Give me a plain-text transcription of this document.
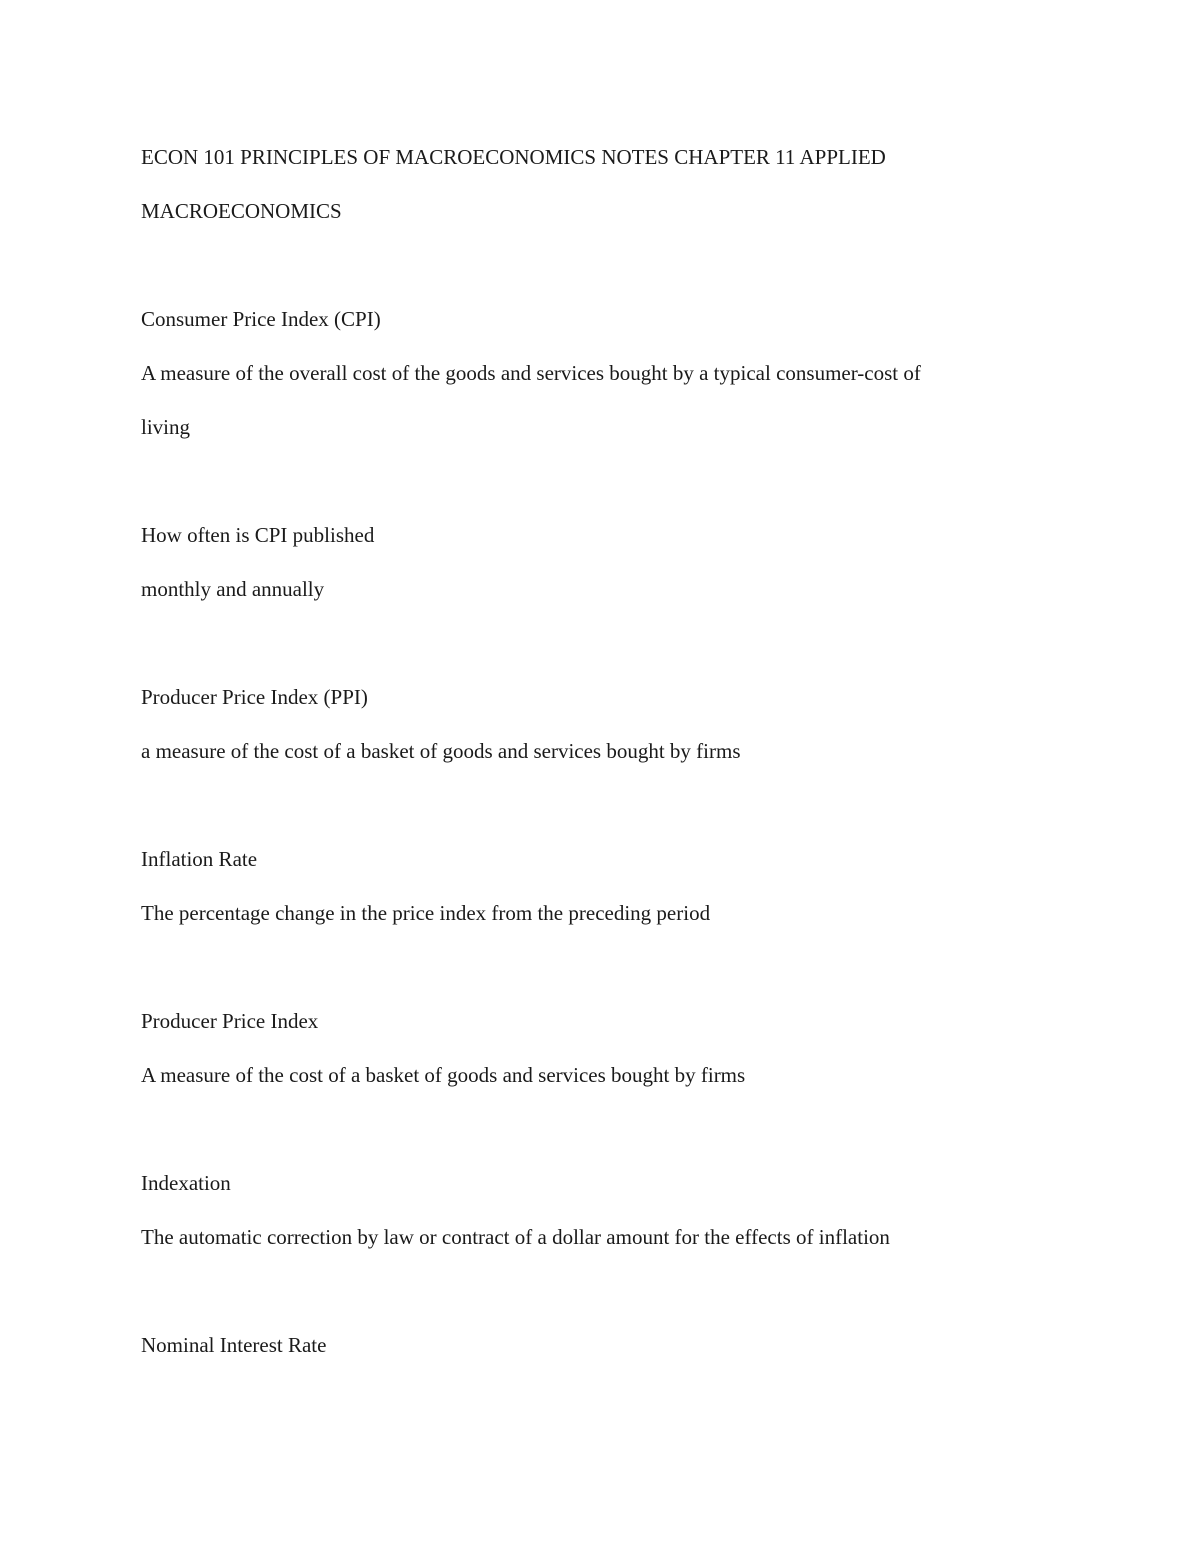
ECON 101 PRINCIPLES OF MACROECONOMICS NOTES CHAPTER 11 APPLIED
MACROECONOMICS
Consumer Price Index (CPI)
A measure of the overall cost of the goods and services bought by a typical consumer-cost of
living
How often is CPI published
monthly and annually
Producer Price Index (PPI)
a measure of the cost of a basket of goods and services bought by firms
Inflation Rate
The percentage change in the price index from the preceding period
Producer Price Index
A measure of the cost of a basket of goods and services bought by firms
Indexation
The automatic correction by law or contract of a dollar amount for the effects of inflation
Nominal Interest Rate
